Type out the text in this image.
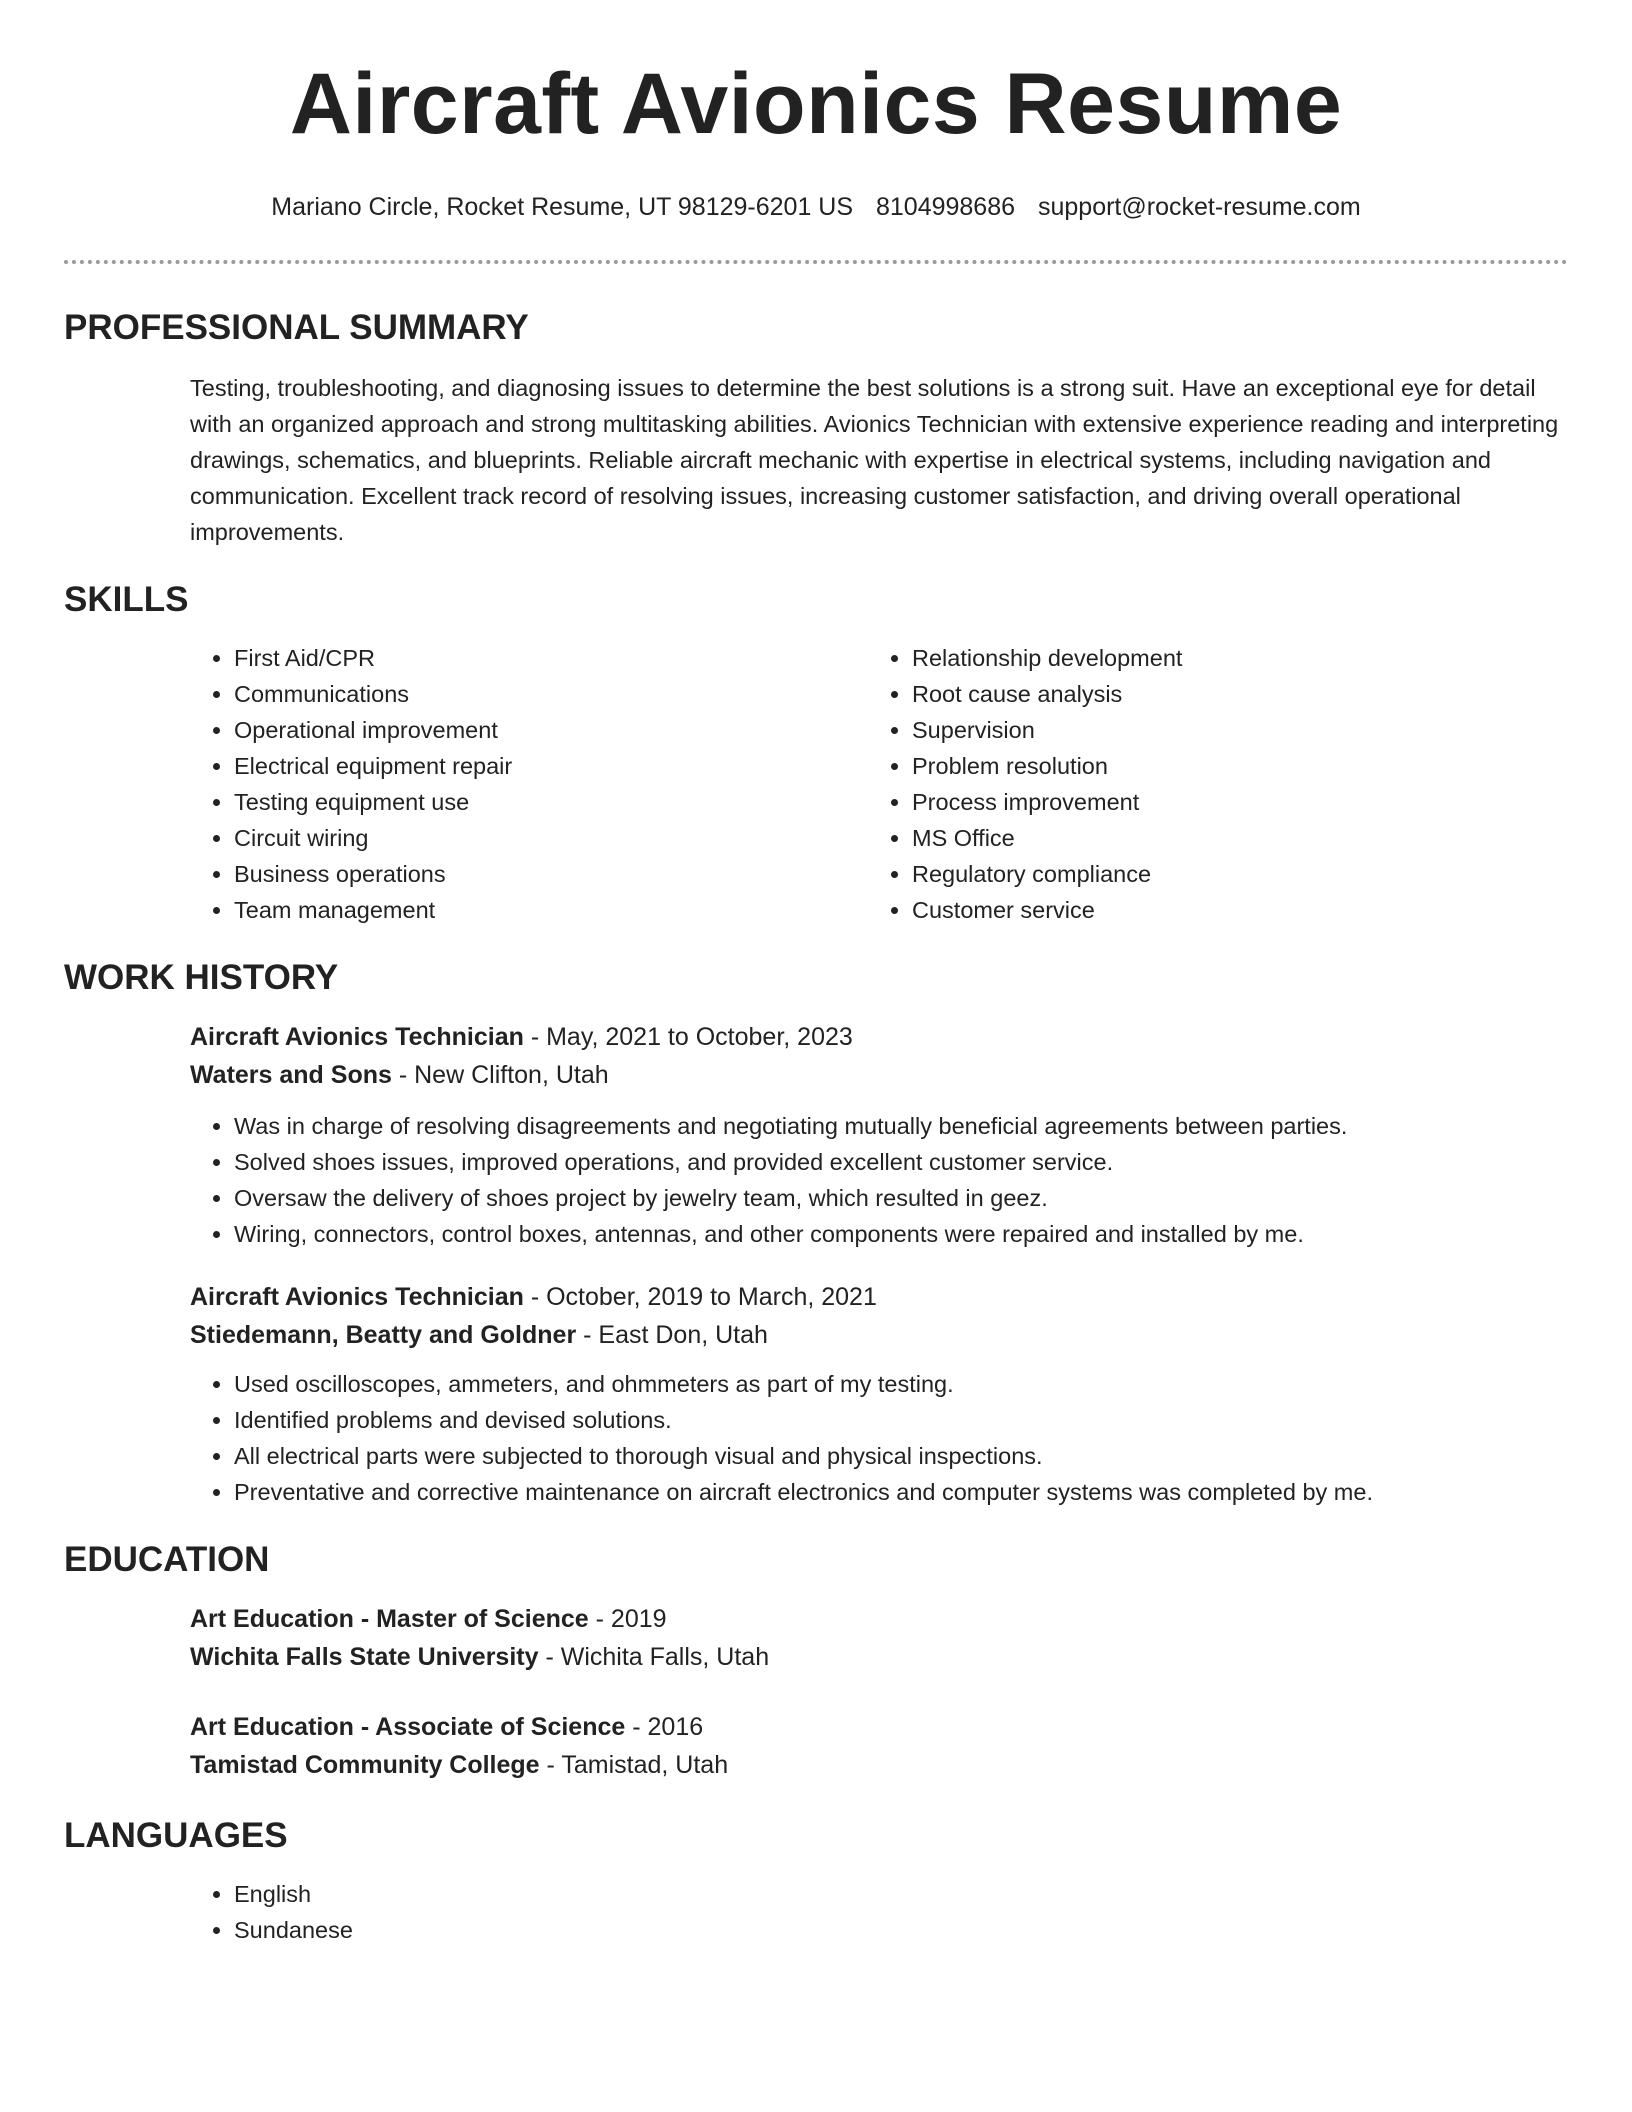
Aircraft Avionics Resume
Mariano Circle, Rocket Resume, UT 98129-6201 US 8104998686 support@rocket-resume.com
PROFESSIONAL SUMMARY

Testing, troubleshooting, and diagnosing issues to determine the best solutions is a strong suit. Have an exceptional eye for detail with an organized approach and strong multitasking abilities. Avionics Technician with extensive experience reading and interpreting drawings, schematics, and blueprints. Reliable aircraft mechanic with expertise in electrical systems, including navigation and communication. Excellent track record of resolving issues, increasing customer satisfaction, and driving overall operational improvements.

SKILLS
• First Aid/CPR
• Communications
• Operational improvement
• Electrical equipment repair
• Testing equipment use
• Circuit wiring
• Business operations
• Team management
• Relationship development
• Root cause analysis
• Supervision
• Problem resolution
• Process improvement
• MS Office
• Regulatory compliance
• Customer service
WORK HISTORY
Aircraft Avionics Technician - May, 2021 to October, 2023
Waters and Sons - New Clifton, Utah
• Was in charge of resolving disagreements and negotiating mutually beneficial agreements between parties.
• Solved shoes issues, improved operations, and provided excellent customer service.
• Oversaw the delivery of shoes project by jewelry team, which resulted in geez.
• Wiring, connectors, control boxes, antennas, and other components were repaired and installed by me.
Aircraft Avionics Technician - October, 2019 to March, 2021
Stiedemann, Beatty and Goldner - East Don, Utah
• Used oscilloscopes, ammeters, and ohmmeters as part of my testing.
• Identified problems and devised solutions.
• All electrical parts were subjected to thorough visual and physical inspections.
• Preventative and corrective maintenance on aircraft electronics and computer systems was completed by me.
EDUCATION
Art Education - Master of Science - 2019
Wichita Falls State University - Wichita Falls, Utah
Art Education - Associate of Science - 2016
Tamistad Community College - Tamistad, Utah
LANGUAGES
• English
• Sundanese
